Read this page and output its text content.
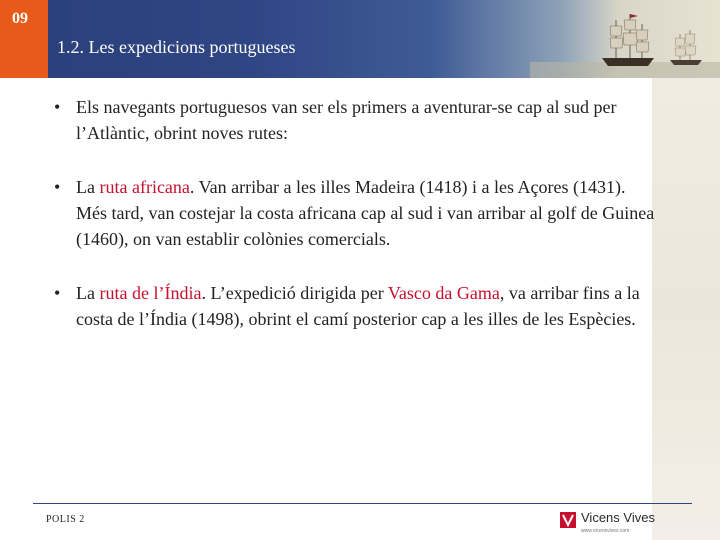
09
1.2. Les expedicions portugueses

• Els navegants portuguesos van ser els primers a aventurar-se cap al sud per l’Atlàntic, obrint noves rutes:

• La ruta africana. Van arribar a les illes Madeira (1418) i a les Açores (1431). Més tard, van costejar la costa africana cap al sud i van arribar al golf de Guinea (1460), on van establir colònies comercials.

• La ruta de l’Índia. L’expedició dirigida per Vasco da Gama, va arribar fins a la costa de l’Índia (1498), obrint el camí posterior cap a les illes de les Espècies.

POLIS 2	Vicens Vives
www.vicensvives.com
